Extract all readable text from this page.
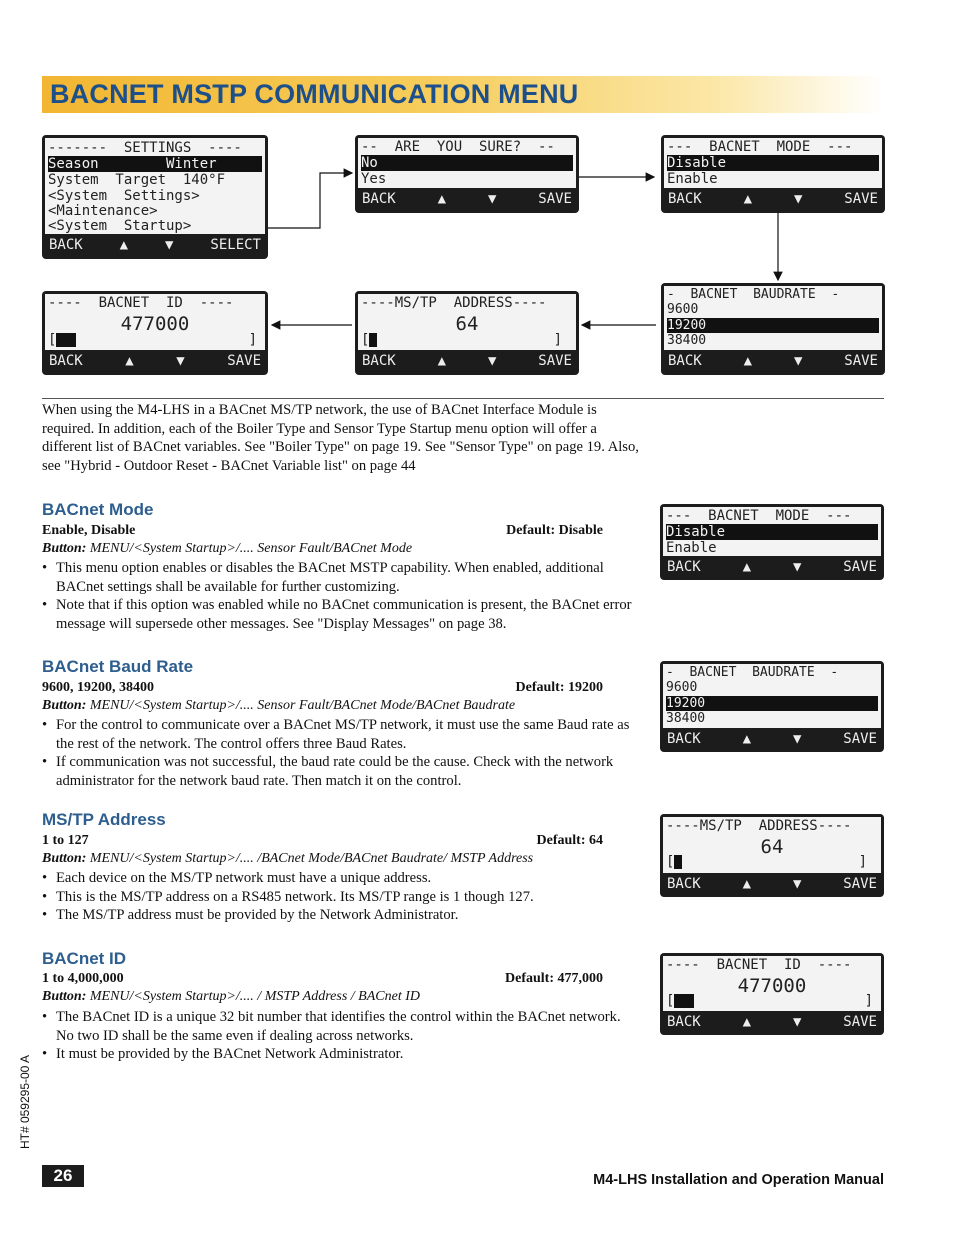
BACNET MSTP COMMUNICATION MENU
-------  SETTINGS  ----
Season        Winter
System  Target  140°F
<System  Settings>
<Maintenance>
<System  Startup>
BACK	▲	▼	SELECT
--  ARE  YOU  SURE?  --
No
Yes
BACK	▲	▼	SAVE
---  BACNET  MODE  ---
Disable
Enable
BACK	▲	▼	SAVE
-  BACNET  BAUDRATE  -
9600
19200
38400
BACK	▲	▼	SAVE
----MS/TP  ADDRESS----
64
[	]
BACK	▲	▼	SAVE
----  BACNET  ID  ----
477000
[	]
BACK	▲	▼	SAVE
When using the M4-LHS in a BACnet MS/TP network, the use of BACnet Interface Module is required. In addition, each of the Boiler Type and Sensor Type Startup menu option will offer a different list of BACnet variables. See "Boiler Type" on page 19. See "Sensor Type" on page 19. Also, see "Hybrid - Outdoor Reset - BACnet Variable list" on page 44
BACnet Mode
Enable, Disable	Default: Disable
Button: MENU/<System Startup>/.... Sensor Fault/BACnet Mode
• This menu option enables or disables the BACnet MSTP capability. When enabled, additional BACnet settings shall be available for further customizing.
• Note that if this option was enabled while no BACnet communication is present, the BACnet error message will supersede other messages. See "Display Messages" on page 38.
---  BACNET  MODE  ---
Disable
Enable
BACK	▲	▼	SAVE
BACnet Baud Rate
9600, 19200, 38400	Default: 19200
Button: MENU/<System Startup>/.... Sensor Fault/BACnet Mode/BACnet Baudrate
• For the control to communicate over a BACnet MS/TP network, it must use the same Baud rate as the rest of the network. The control offers three Baud Rates.
• If communication was not successful, the baud rate could be the cause. Check with the network administrator for the network baud rate. Then match it on the control.
-  BACNET  BAUDRATE  -
9600
19200
38400
BACK	▲	▼	SAVE
MS/TP Address
1 to 127	Default: 64
Button: MENU/<System Startup>/.... /BACnet Mode/BACnet Baudrate/ MSTP Address
• Each device on the MS/TP network must have a unique address.
• This is the MS/TP address on a RS485 network. Its MS/TP range is 1 though 127.
• The MS/TP address must be provided by the Network Administrator.
----MS/TP  ADDRESS----
64
[	]
BACK	▲	▼	SAVE
BACnet ID
1 to 4,000,000	Default: 477,000
Button: MENU/<System Startup>/.... / MSTP Address / BACnet ID
• The BACnet ID is a unique 32 bit number that identifies the control within the BACnet network. No two ID shall be the same even if dealing across networks.
• It must be provided by the BACnet Network Administrator.
----  BACNET  ID  ----
477000
[	]
BACK	▲	▼	SAVE
HT# 059295-00 A
26	M4-LHS Installation and Operation Manual
